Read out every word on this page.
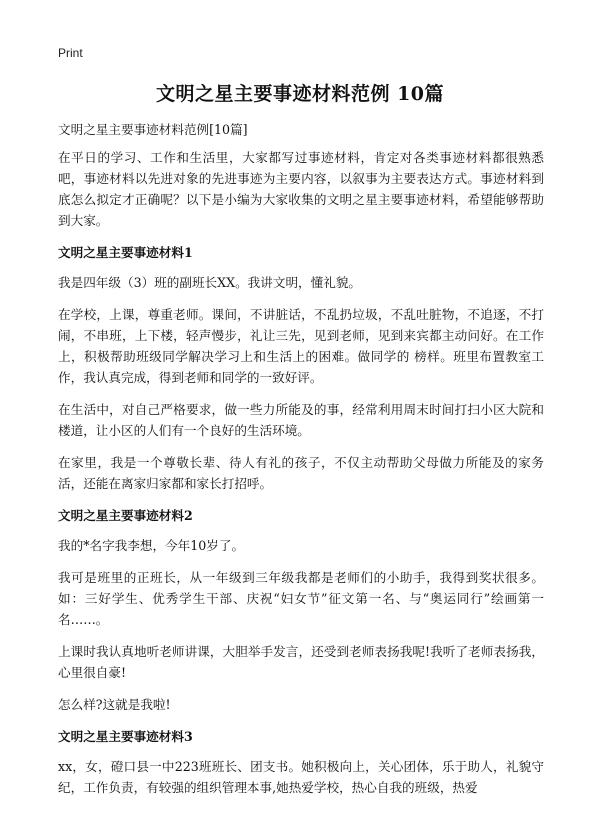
Print
文明之星主要事迹材料范例 10篇

文明之星主要事迹材料范例[10篇]

在平日的学习、工作和生活里，大家都写过事迹材料，肯定对各类事迹材料都很熟悉吧，事迹材料以先进对象的先进事迹为主要内容，以叙事为主要表达方式。事迹材料到底怎么拟定才正确呢？以下是小编为大家收集的文明之星主要事迹材料，希望能够帮助到大家。

文明之星主要事迹材料1

我是四年级（3）班的副班长XX。我讲文明，懂礼貌。

在学校，上课，尊重老师。课间，不讲脏话，不乱扔垃圾，不乱吐脏物，不追逐，不打闹，不串班，上下楼，轻声慢步，礼让三先，见到老师，见到来宾都主动问好。在工作上，积极帮助班级同学解决学习上和生活上的困难。做同学的 榜样。班里布置教室工作，我认真完成，得到老师和同学的一致好评。

在生活中，对自己严格要求，做一些力所能及的事，经常利用周末时间打扫小区大院和楼道，让小区的人们有一个良好的生活环境。

在家里，我是一个尊敬长辈、待人有礼的孩子，不仅主动帮助父母做力所能及的家务活，还能在离家归家都和家长打招呼。

文明之星主要事迹材料2

我的*名字我李想，今年10岁了。

我可是班里的正班长，从一年级到三年级我都是老师们的小助手，我得到奖状很多。如：三好学生、优秀学生干部、庆祝“妇女节”征文第一名、与“奥运同行”绘画第一名……。

上课时我认真地听老师讲课，大胆举手发言，还受到老师表扬我呢!我听了老师表扬我，心里很自豪!

怎么样?这就是我啦!

文明之星主要事迹材料3

xx，女，磴口县一中223班班长、团支书。她积极向上，关心团体，乐于助人，礼貌守纪，工作负责，有较强的组织管理本事,她热爱学校，热心自我的班级，热爱
